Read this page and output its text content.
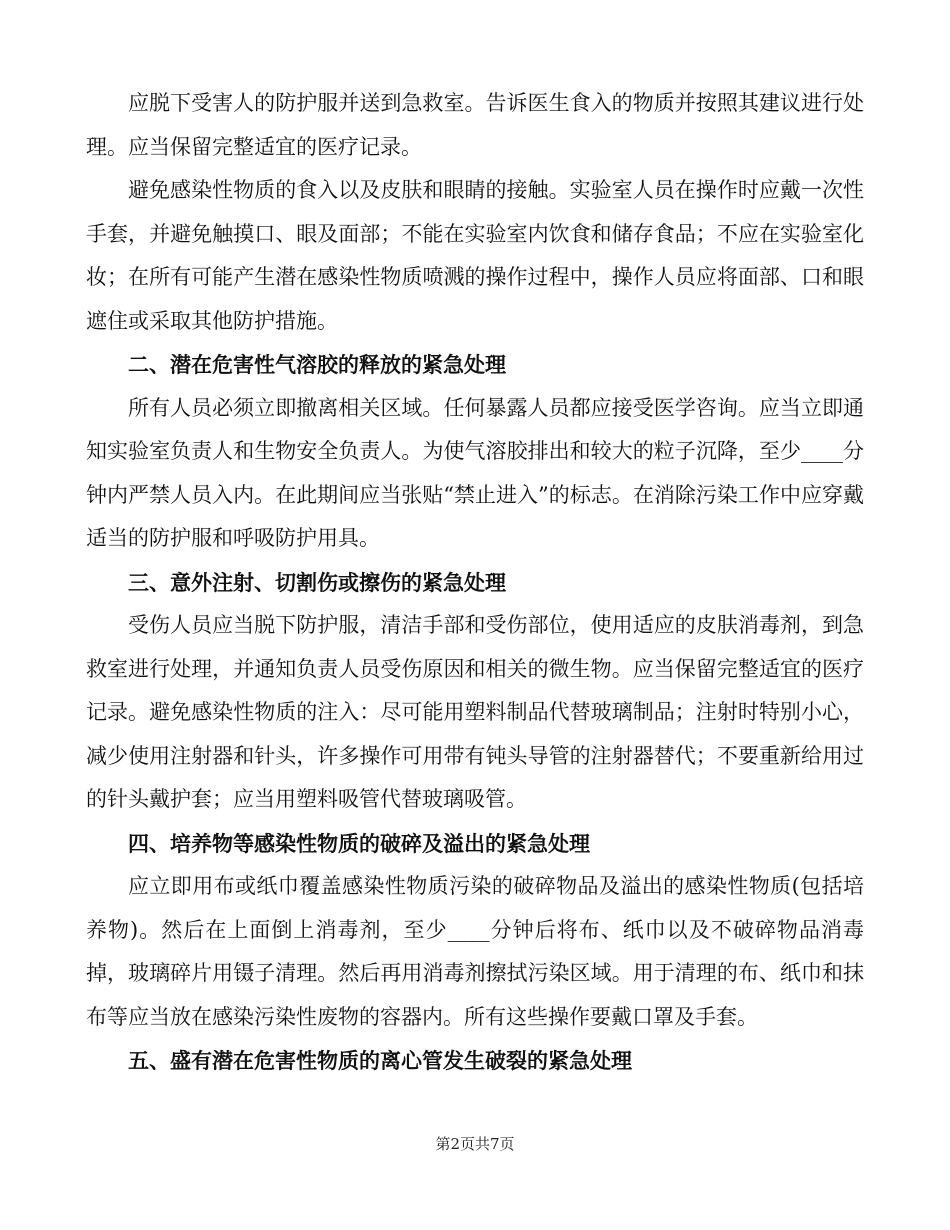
应脱下受害人的防护服并送到急救室。告诉医生食入的物质并按照其建议进行处理。应当保留完整适宜的医疗记录。

避免感染性物质的食入以及皮肤和眼睛的接触。实验室人员在操作时应戴一次性手套，并避免触摸口、眼及面部；不能在实验室内饮食和储存食品；不应在实验室化妆；在所有可能产生潜在感染性物质喷溅的操作过程中，操作人员应将面部、口和眼遮住或采取其他防护措施。

二、潜在危害性气溶胶的释放的紧急处理

所有人员必须立即撤离相关区域。任何暴露人员都应接受医学咨询。应当立即通知实验室负责人和生物安全负责人。为使气溶胶排出和较大的粒子沉降，至少____分钟内严禁人员入内。在此期间应当张贴“禁止进入”的标志。在消除污染工作中应穿戴适当的防护服和呼吸防护用具。

三、意外注射、切割伤或擦伤的紧急处理

受伤人员应当脱下防护服，清洁手部和受伤部位，使用适应的皮肤消毒剂，到急救室进行处理，并通知负责人员受伤原因和相关的微生物。应当保留完整适宜的医疗记录。避免感染性物质的注入：尽可能用塑料制品代替玻璃制品；注射时特别小心，减少使用注射器和针头，许多操作可用带有钝头导管的注射器替代；不要重新给用过的针头戴护套；应当用塑料吸管代替玻璃吸管。

四、培养物等感染性物质的破碎及溢出的紧急处理

应立即用布或纸巾覆盖感染性物质污染的破碎物品及溢出的感染性物质(包括培养物)。然后在上面倒上消毒剂，至少____分钟后将布、纸巾以及不破碎物品消毒掉，玻璃碎片用镊子清理。然后再用消毒剂擦拭污染区域。用于清理的布、纸巾和抹布等应当放在感染污染性废物的容器内。所有这些操作要戴口罩及手套。

五、盛有潜在危害性物质的离心管发生破裂的紧急处理

第2页共7页
